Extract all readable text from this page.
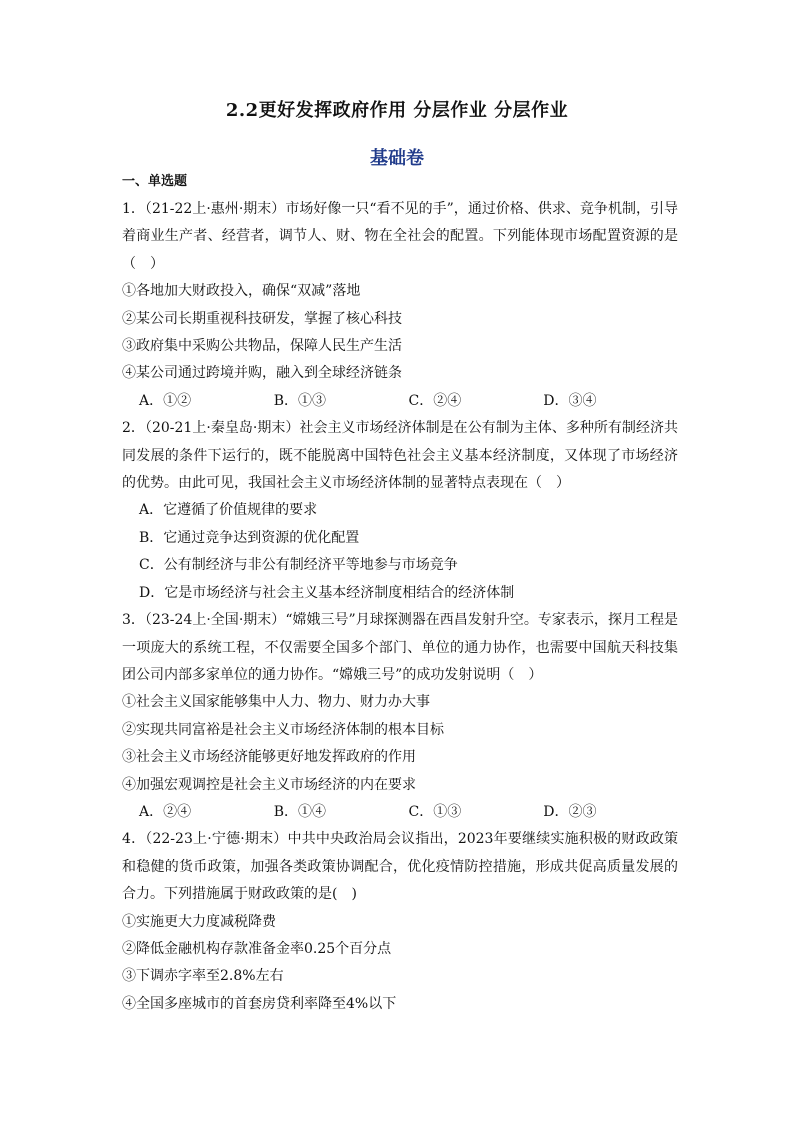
2.2更好发挥政府作用 分层作业 分层作业
基础卷
一、单选题
1．（21-22上·惠州·期末）市场好像一只“看不见的手”，通过价格、供求、竞争机制，引导着商业生产者、经营者，调节人、财、物在全社会的配置。下列能体现市场配置资源的是（　）
①各地加大财政投入，确保“双减”落地
②某公司长期重视科技研发，掌握了核心科技
③政府集中采购公共物品，保障人民生产生活
④某公司通过跨境并购，融入到全球经济链条
A．①②	B．①③	C．②④	D．③④
2．（20-21上·秦皇岛·期末）社会主义市场经济体制是在公有制为主体、多种所有制经济共同发展的条件下运行的，既不能脱离中国特色社会主义基本经济制度，又体现了市场经济的优势。由此可见，我国社会主义市场经济体制的显著特点表现在（　）
A．它遵循了价值规律的要求
B．它通过竞争达到资源的优化配置
C．公有制经济与非公有制经济平等地参与市场竞争
D．它是市场经济与社会主义基本经济制度相结合的经济体制
3．（23-24上·全国·期末）“嫦娥三号”月球探测器在西昌发射升空。专家表示，探月工程是一项庞大的系统工程，不仅需要全国多个部门、单位的通力协作，也需要中国航天科技集团公司内部多家单位的通力协作。“嫦娥三号”的成功发射说明（　）
①社会主义国家能够集中人力、物力、财力办大事
②实现共同富裕是社会主义市场经济体制的根本目标
③社会主义市场经济能够更好地发挥政府的作用
④加强宏观调控是社会主义市场经济的内在要求
A．②④	B．①④	C．①③	D．②③
4．（22-23上·宁德·期末）中共中央政治局会议指出，2023年要继续实施积极的财政政策和稳健的货币政策，加强各类政策协调配合，优化疫情防控措施，形成共促高质量发展的合力。下列措施属于财政政策的是(　)
①实施更大力度减税降费
②降低金融机构存款准备金率0.25个百分点
③下调赤字率至2.8%左右
④全国多座城市的首套房贷利率降至4%以下
